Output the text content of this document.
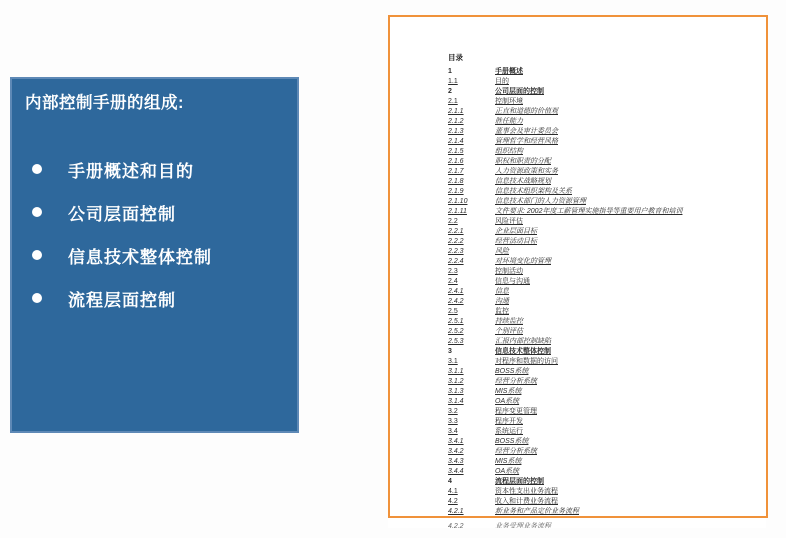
内部控制手册的组成:
手册概述和目的
公司层面控制
信息技术整体控制
流程层面控制
目录
1	手册概述
1.1	目的
2	公司层面的控制
2.1	控制环境
2.1.1	正直和道德的价值观
2.1.2	胜任能力
2.1.3	董事会及审计委员会
2.1.4	管理哲学和经营风格
2.1.5	组织结构
2.1.6	职权和职责的分配
2.1.7	人力资源政策和实务
2.1.8	信息技术战略规划
2.1.9	信息技术组织架构及关系
2.1.10	信息技术部门的人力资源管理
2.1.11	文件要求: 2002年度工薪管理实施指导等重要用户教育和培训
2.2	风险评估
2.2.1	企业层面目标
2.2.2	经营活动目标
2.2.3	风险
2.2.4	对环境变化的管理
2.3	控制活动
2.4	信息与沟通
2.4.1	信息
2.4.2	沟通
2.5	监控
2.5.1	持续监控
2.5.2	个别评估
2.5.3	汇报内部控制缺陷
3	信息技术整体控制
3.1	对程序和数据的访问
3.1.1	BOSS系统
3.1.2	经营分析系统
3.1.3	MIS系统
3.1.4	OA系统
3.2	程序变更管理
3.3	程序开发
3.4	系统运行
3.4.1	BOSS系统
3.4.2	经营分析系统
3.4.3	MIS系统
3.4.4	OA系统
4	流程层面的控制
4.1	资本性支出业务流程
4.2	收入和计费业务流程
4.2.1	新业务和产品定价业务流程
4.2.2	业务受理业务流程
